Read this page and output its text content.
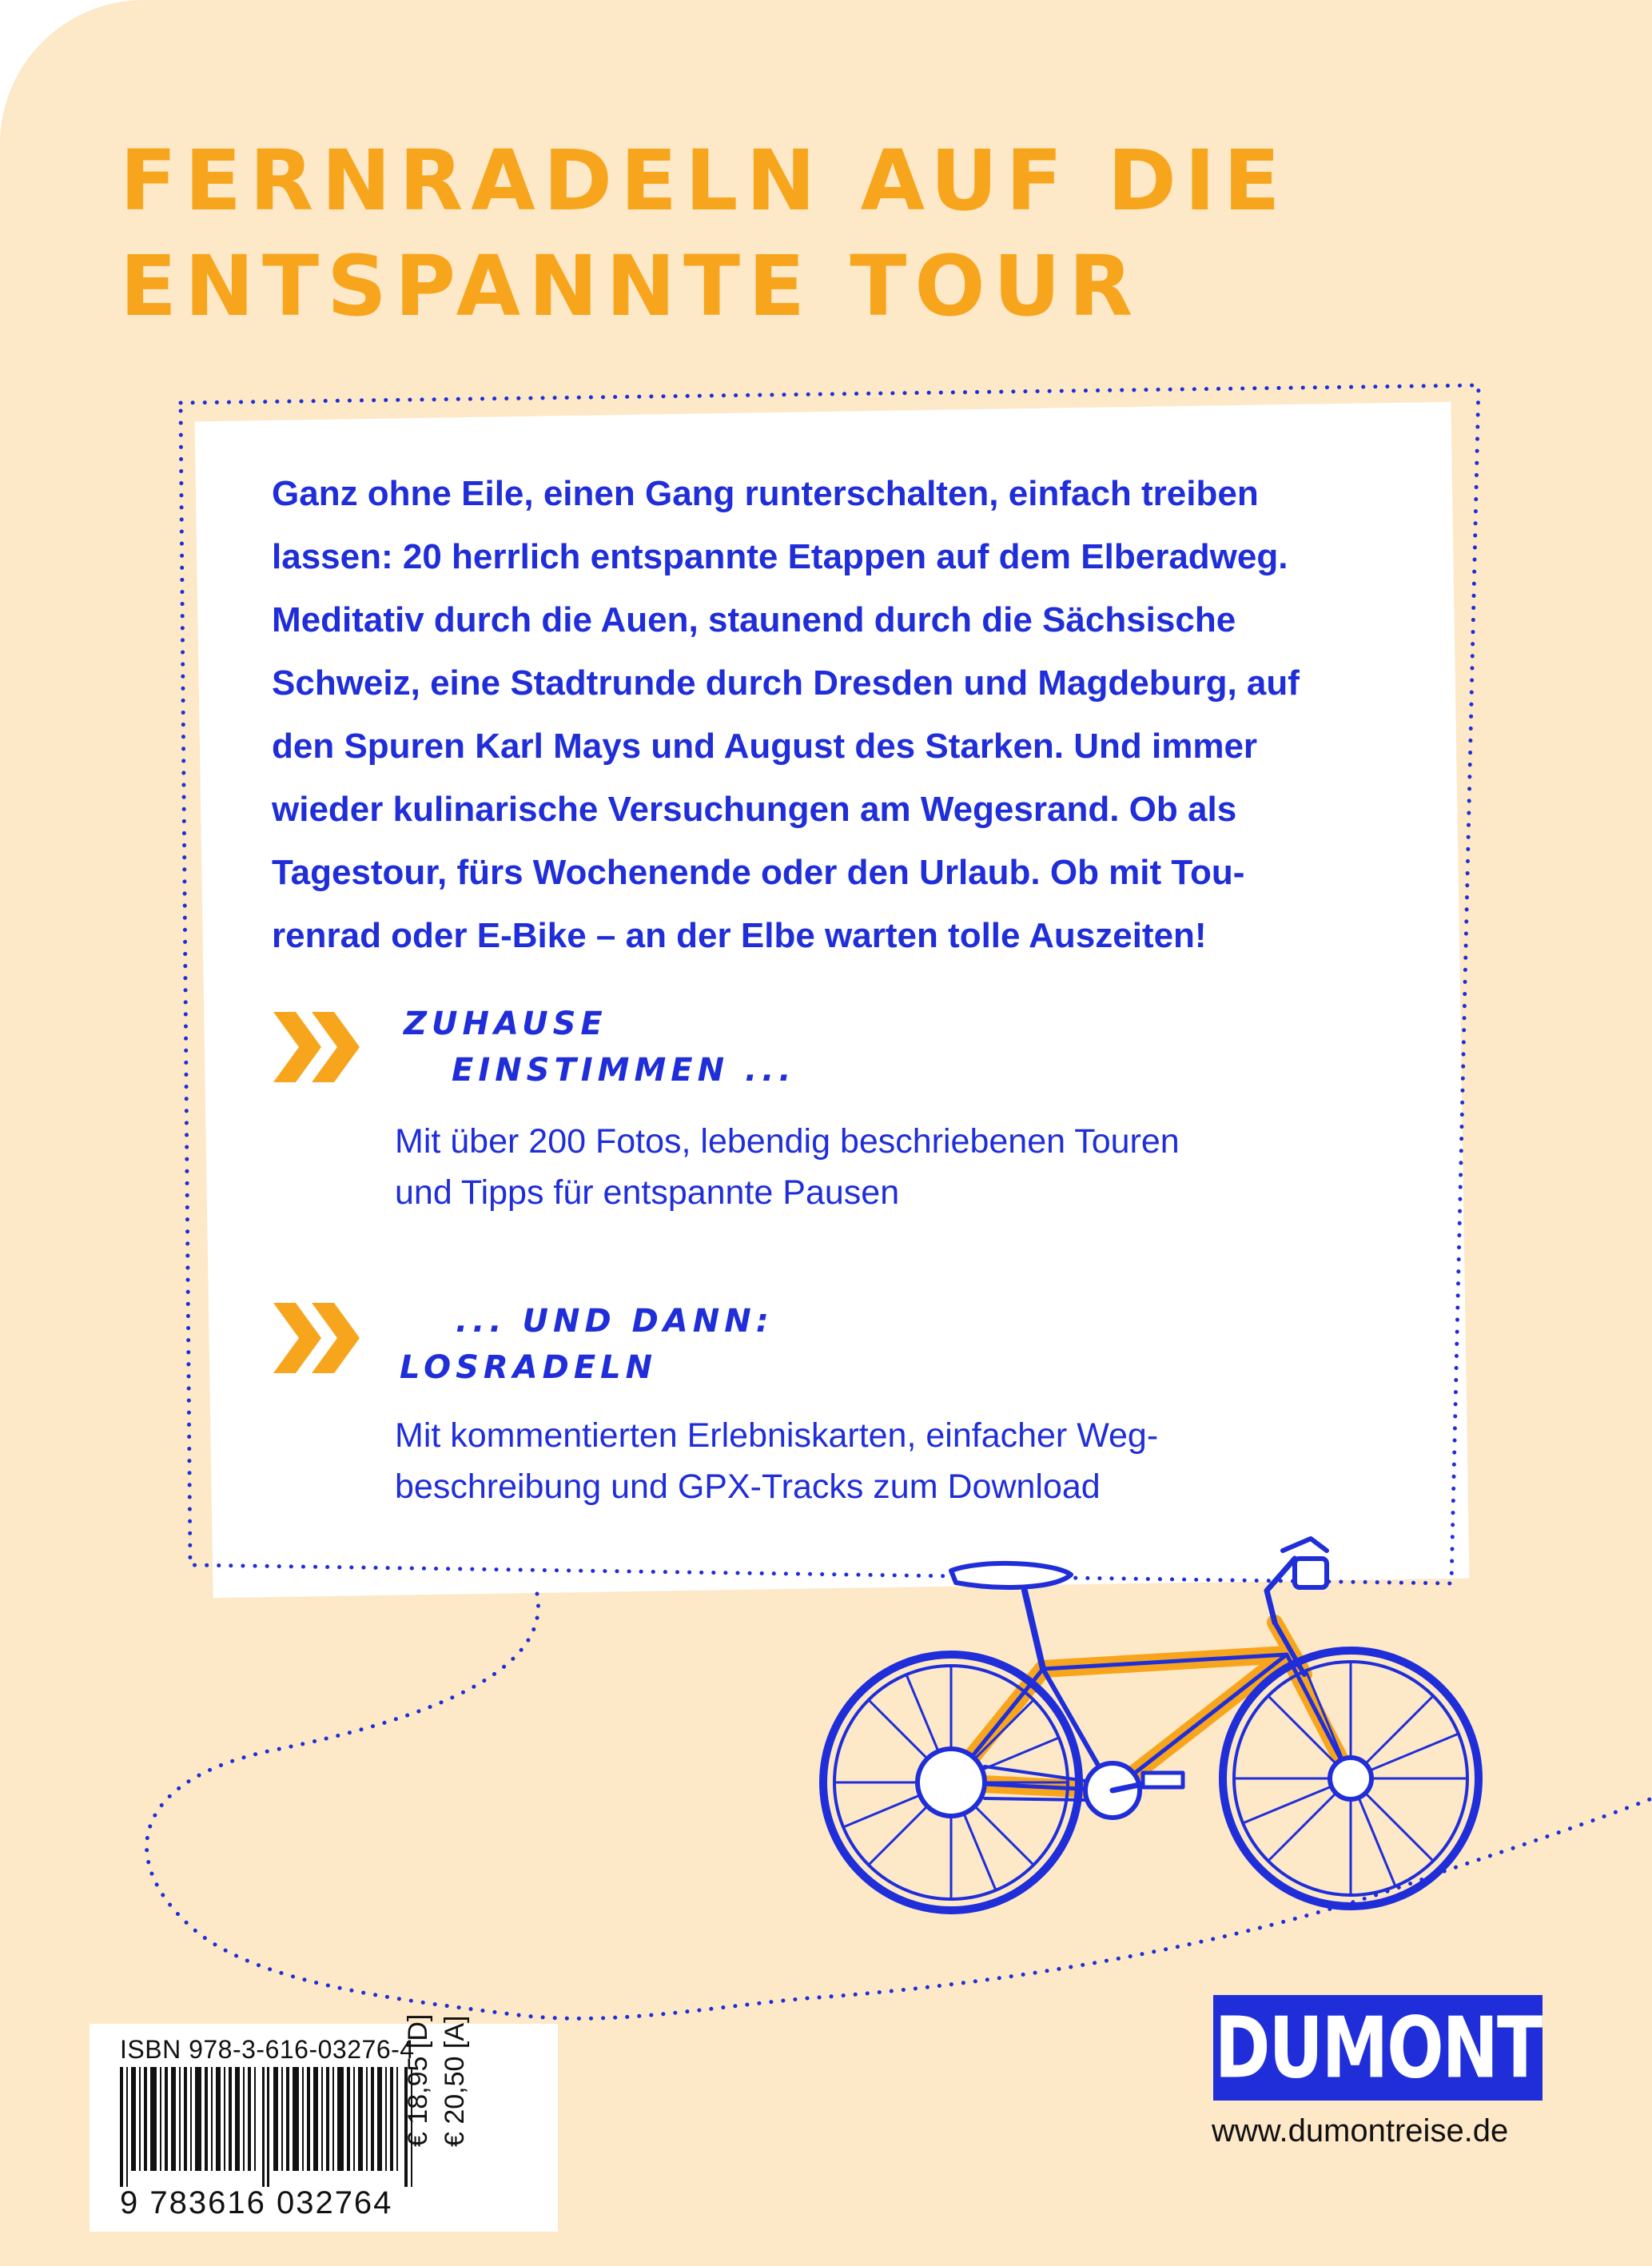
FERNRADELN AUF DIE
ENTSPANNTE TOUR
Ganz ohne Eile, einen Gang runterschalten, einfach treiben
lassen: 20 herrlich entspannte Etappen auf dem Elberadweg.
Meditativ durch die Auen, staunend durch die Sächsische
Schweiz, eine Stadtrunde durch Dresden und Magdeburg, auf
den Spuren Karl Mays und August des Starken. Und immer
wieder kulinarische Versuchungen am Wegesrand. Ob als
Tagestour, fürs Wochenende oder den Urlaub. Ob mit Tou-
renrad oder E-Bike – an der Elbe warten tolle Auszeiten!
ZUHAUSE
EINSTIMMEN ...
Mit über 200 Fotos, lebendig beschriebenen Touren
und Tipps für entspannte Pausen
... UND DANN:
LOSRADELN
Mit kommentierten Erlebniskarten, einfacher Weg-
beschreibung und GPX-Tracks zum Download

ISBN 978-3-616-03276-4

9 783616 032764

€ 18,95 [D] € 20,50 [A]	DUMONT

www.dumontreise.de
